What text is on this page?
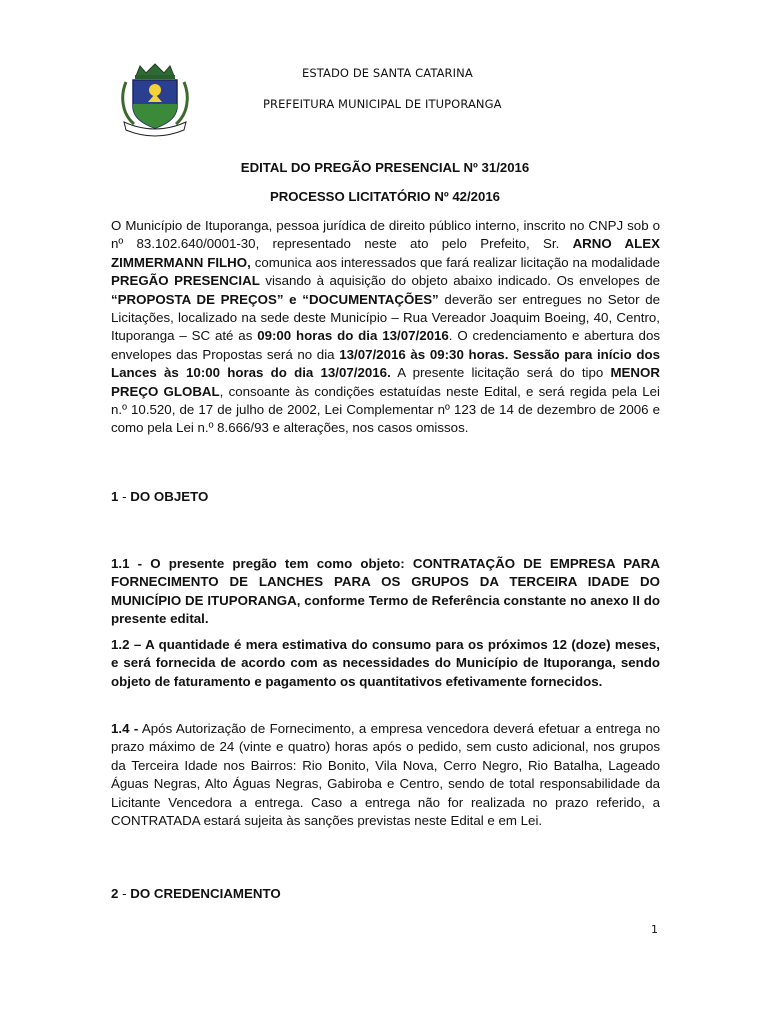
ESTADO DE SANTA CATARINA
PREFEITURA MUNICIPAL DE ITUPORANGA
EDITAL DO PREGÃO PRESENCIAL Nº 31/2016
PROCESSO LICITATÓRIO Nº 42/2016
O Município de Ituporanga, pessoa jurídica de direito público interno, inscrito no CNPJ sob o nº 83.102.640/0001-30, representado neste ato pelo Prefeito, Sr. ARNO ALEX ZIMMERMANN FILHO, comunica aos interessados que fará realizar licitação na modalidade PREGÃO PRESENCIAL visando à aquisição do objeto abaixo indicado. Os envelopes de “PROPOSTA DE PREÇOS” e “DOCUMENTAÇÕES” deverão ser entregues no Setor de Licitações, localizado na sede deste Município – Rua Vereador Joaquim Boeing, 40, Centro, Ituporanga – SC até as 09:00 horas do dia 13/07/2016. O credenciamento e abertura dos envelopes das Propostas será no dia 13/07/2016 às 09:30 horas. Sessão para início dos Lances às 10:00 horas do dia 13/07/2016. A presente licitação será do tipo MENOR PREÇO GLOBAL, consoante às condições estatuídas neste Edital, e será regida pela Lei n.º 10.520, de 17 de julho de 2002, Lei Complementar nº 123 de 14 de dezembro de 2006 e como pela Lei n.º 8.666/93 e alterações, nos casos omissos.
1 - DO OBJETO
1.1 - O presente pregão tem como objeto: CONTRATAÇÃO DE EMPRESA PARA FORNECIMENTO DE LANCHES PARA OS GRUPOS DA TERCEIRA IDADE DO MUNICÍPIO DE ITUPORANGA, conforme Termo de Referência constante no anexo II do presente edital.
1.2 – A quantidade é mera estimativa do consumo para os próximos 12 (doze) meses, e será fornecida de acordo com as necessidades do Município de Ituporanga, sendo objeto de faturamento e pagamento os quantitativos efetivamente fornecidos.
1.4 - Após Autorização de Fornecimento, a empresa vencedora deverá efetuar a entrega no prazo máximo de 24 (vinte e quatro) horas após o pedido, sem custo adicional, nos grupos da Terceira Idade nos Bairros: Rio Bonito, Vila Nova, Cerro Negro, Rio Batalha, Lageado Águas Negras, Alto Águas Negras, Gabiroba e Centro, sendo de total responsabilidade da Licitante Vencedora a entrega. Caso a entrega não for realizada no prazo referido, a CONTRATADA estará sujeita às sanções previstas neste Edital e em Lei.
2 - DO CREDENCIAMENTO
1
